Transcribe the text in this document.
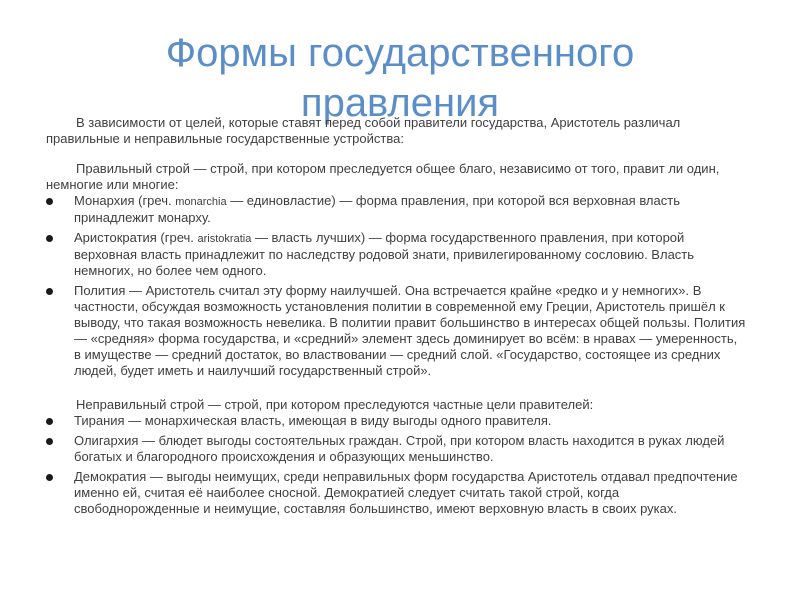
Формы государственного правления

В зависимости от целей, которые ставят перед собой правители государства, Аристотель различал правильные и неправильные государственные устройства:

Правильный строй — строй, при котором преследуется общее благо, независимо от того, правит ли один, немногие или многие:

Монархия (греч. monarchia — единовластие) — форма правления, при которой вся верховная власть принадлежит монарху.
Аристократия (греч. aristokratia — власть лучших) — форма государственного правления, при которой верховная власть принадлежит по наследству родовой знати, привилегированному сословию. Власть немногих, но более чем одного.
Полития — Аристотель считал эту форму наилучшей. Она встречается крайне «редко и у немногих». В частности, обсуждая возможность установления политии в современной ему Греции, Аристотель пришёл к выводу, что такая возможность невелика. В политии правит большинство в интересах общей пользы. Полития — «средняя» форма государства, и «средний» элемент здесь доминирует во всём: в нравах — умеренность, в имуществе — средний достаток, во властвовании — средний слой. «Государство, состоящее из средних людей, будет иметь и наилучший государственный строй».

Неправильный строй — строй, при котором преследуются частные цели правителей:

Тирания — монархическая власть, имеющая в виду выгоды одного правителя.
Олигархия — блюдет выгоды состоятельных граждан. Строй, при котором власть находится в руках людей богатых и благородного происхождения и образующих меньшинство.
Демократия — выгоды неимущих, среди неправильных форм государства Аристотель отдавал предпочтение именно ей, считая её наиболее сносной. Демократией следует считать такой строй, когда свободнорожденные и неимущие, составляя большинство, имеют верховную власть в своих руках.
